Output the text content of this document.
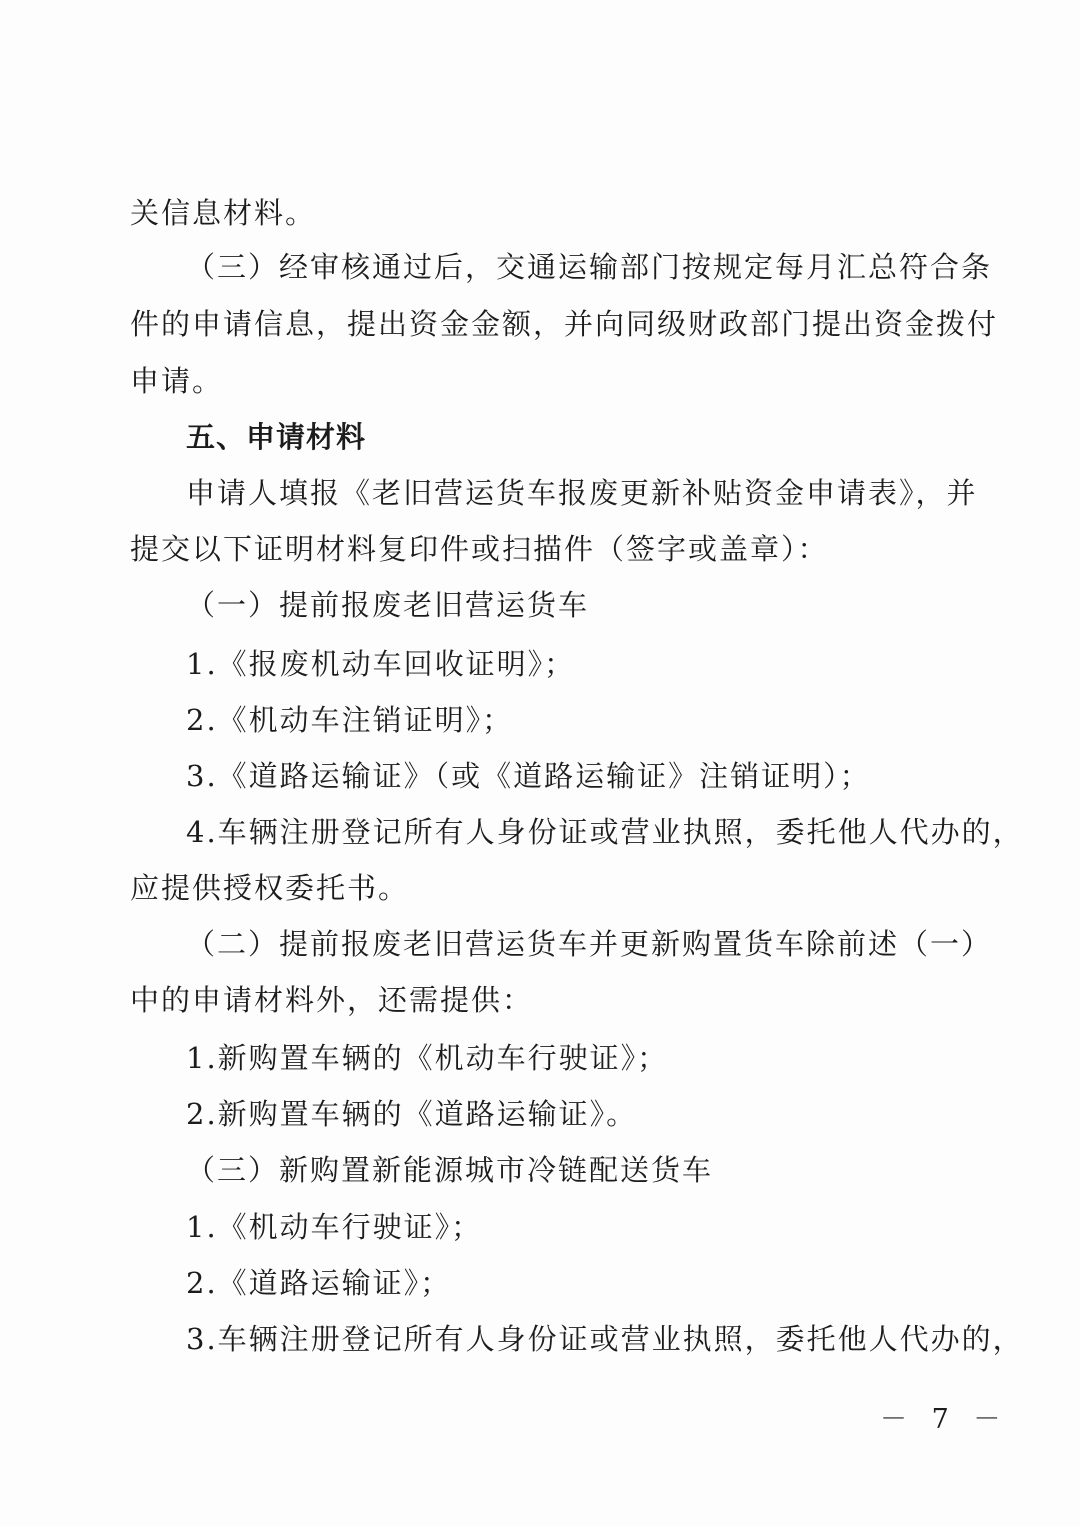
关信息材料。
（三）经审核通过后，交通运输部门按规定每月汇总符合条
件的申请信息，提出资金金额，并向同级财政部门提出资金拨付
申请。
五、申请材料
申请人填报《老旧营运货车报废更新补贴资金申请表》，并
提交以下证明材料复印件或扫描件（签字或盖章）：
（一）提前报废老旧营运货车
1.《报废机动车回收证明》；
2.《机动车注销证明》；
3.《道路运输证》（或《道路运输证》注销证明）；
4.车辆注册登记所有人身份证或营业执照，委托他人代办的，
应提供授权委托书。
（二）提前报废老旧营运货车并更新购置货车除前述（一）
中的申请材料外，还需提供：
1.新购置车辆的《机动车行驶证》；
2.新购置车辆的《道路运输证》。
（三）新购置新能源城市冷链配送货车
1.《机动车行驶证》；
2.《道路运输证》；
3.车辆注册登记所有人身份证或营业执照，委托他人代办的，
－ 7 －
